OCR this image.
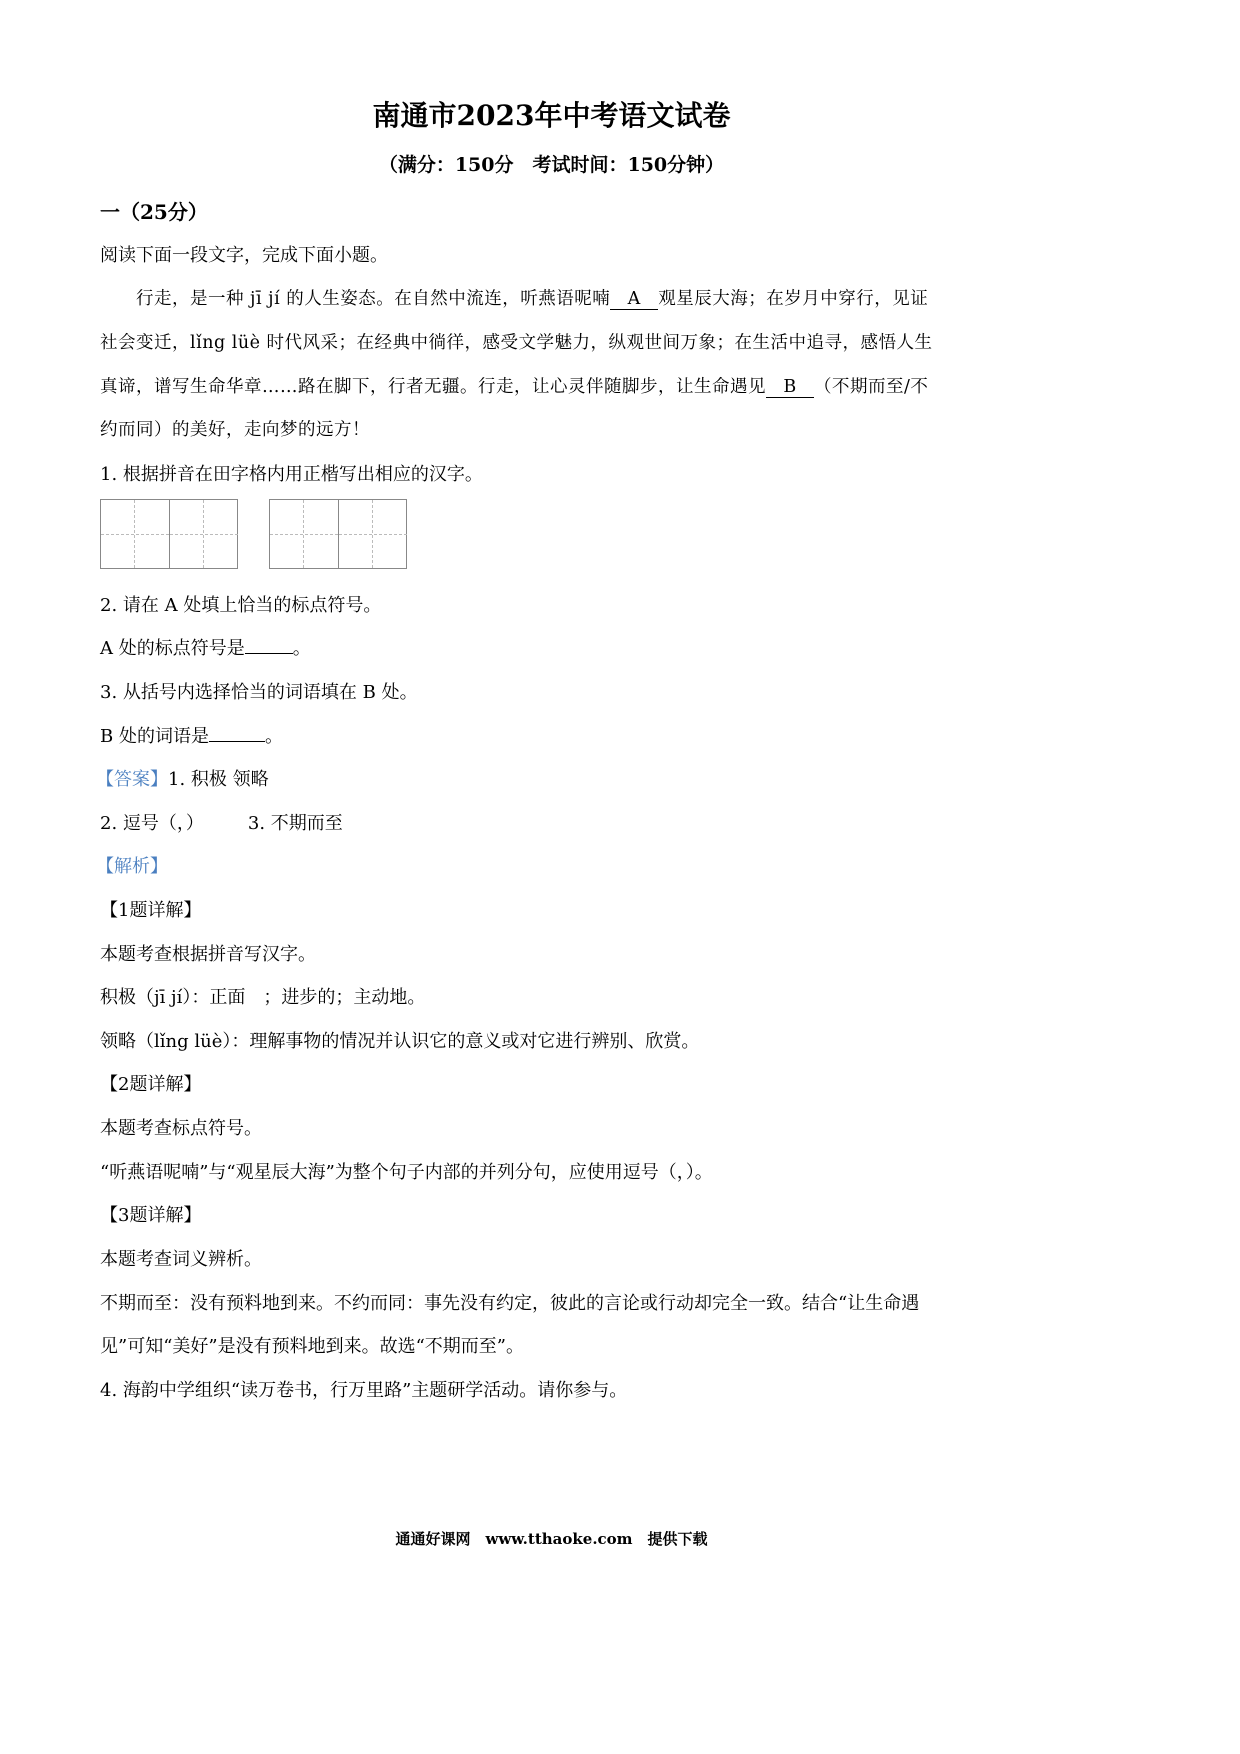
南通市2023年中考语文试卷
（满分：150分　考试时间：150分钟）
一（25分）
阅读下面一段文字，完成下面小题。
行走，是一种 jī jí 的人生姿态。在自然中流连，听燕语呢喃 A 观星辰大海；在岁月中穿行，见证
社会变迁，lǐng lüè 时代风采；在经典中徜徉，感受文学魅力，纵观世间万象；在生活中追寻，感悟人生
真谛，谱写生命华章……路在脚下，行者无疆。行走，让心灵伴随脚步，让生命遇见 B （不期而至/不
约而同）的美好，走向梦的远方！
1. 根据拼音在田字格内用正楷写出相应的汉字。
2. 请在 A 处填上恰当的标点符号。
A 处的标点符号是	。
3. 从括号内选择恰当的词语填在 B 处。
B 处的词语是	。
【答案】1. 积极 领略
2. 逗号（，） 3. 不期而至
【解析】
【1题详解】
本题考查根据拼音写汉字。
积极（jī jí）：正面　；进步的；主动地。
领略（lǐng lüè）：理解事物的情况并认识它的意义或对它进行辨别、欣赏。
【2题详解】
本题考查标点符号。
“听燕语呢喃”与“观星辰大海”为整个句子内部的并列分句，应使用逗号（，）。
【3题详解】
本题考查词义辨析。
不期而至：没有预料地到来。不约而同：事先没有约定，彼此的言论或行动却完全一致。结合“让生命遇
见”可知“美好”是没有预料地到来。故选“不期而至”。
4. 海韵中学组织“读万卷书，行万里路”主题研学活动。请你参与。
通通好课网　www.tthaoke.com　提供下载
